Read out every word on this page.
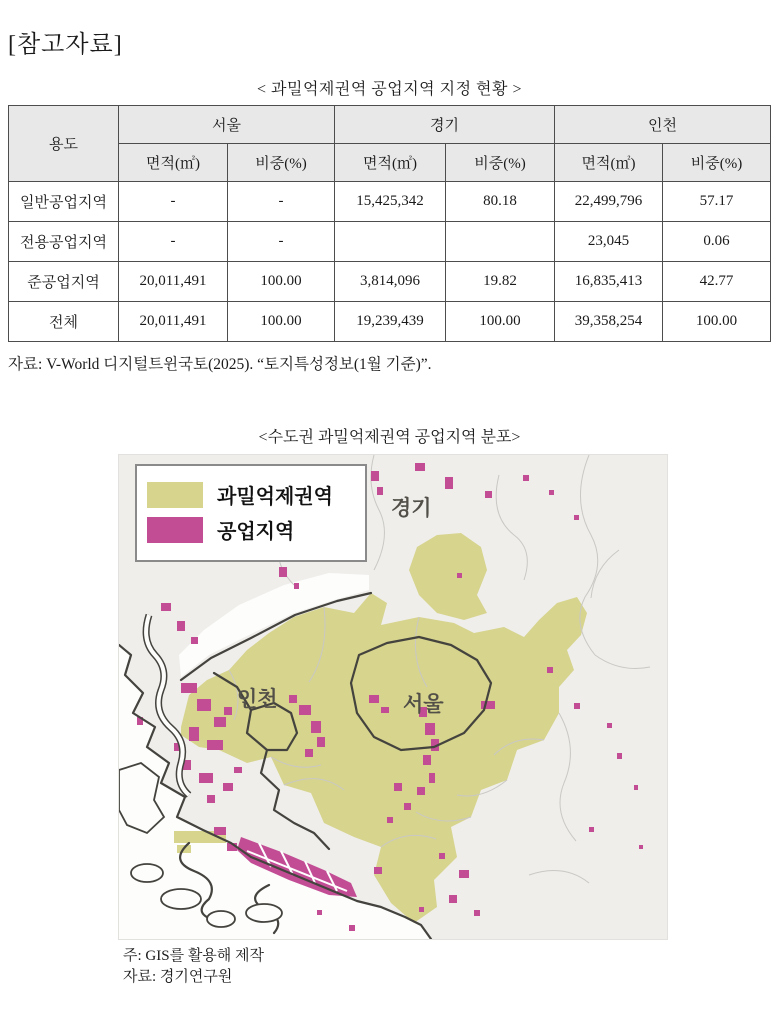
[참고자료]
< 과밀억제권역 공업지역 지정 현황 >
용도	서울		경기		인천	
	면적(㎡)	비중(%)	면적(㎡)	비중(%)	면적(㎡)	비중(%)
일반공업지역	-	-	15,425,342	80.18	22,499,796	57.17
전용공업지역	-	-			23,045	0.06
준공업지역	20,011,491	100.00	3,814,096	19.82	16,835,413	42.77
전체	20,011,491	100.00	19,239,439	100.00	39,358,254	100.00
자료: V-World 디지털트윈국토(2025). “토지특성정보(1월 기준)”.
<수도권 과밀억제권역 공업지역 분포>
경기
인천	서울
과밀억제권역
공업지역
주: GIS를 활용해 제작
자료: 경기연구원
